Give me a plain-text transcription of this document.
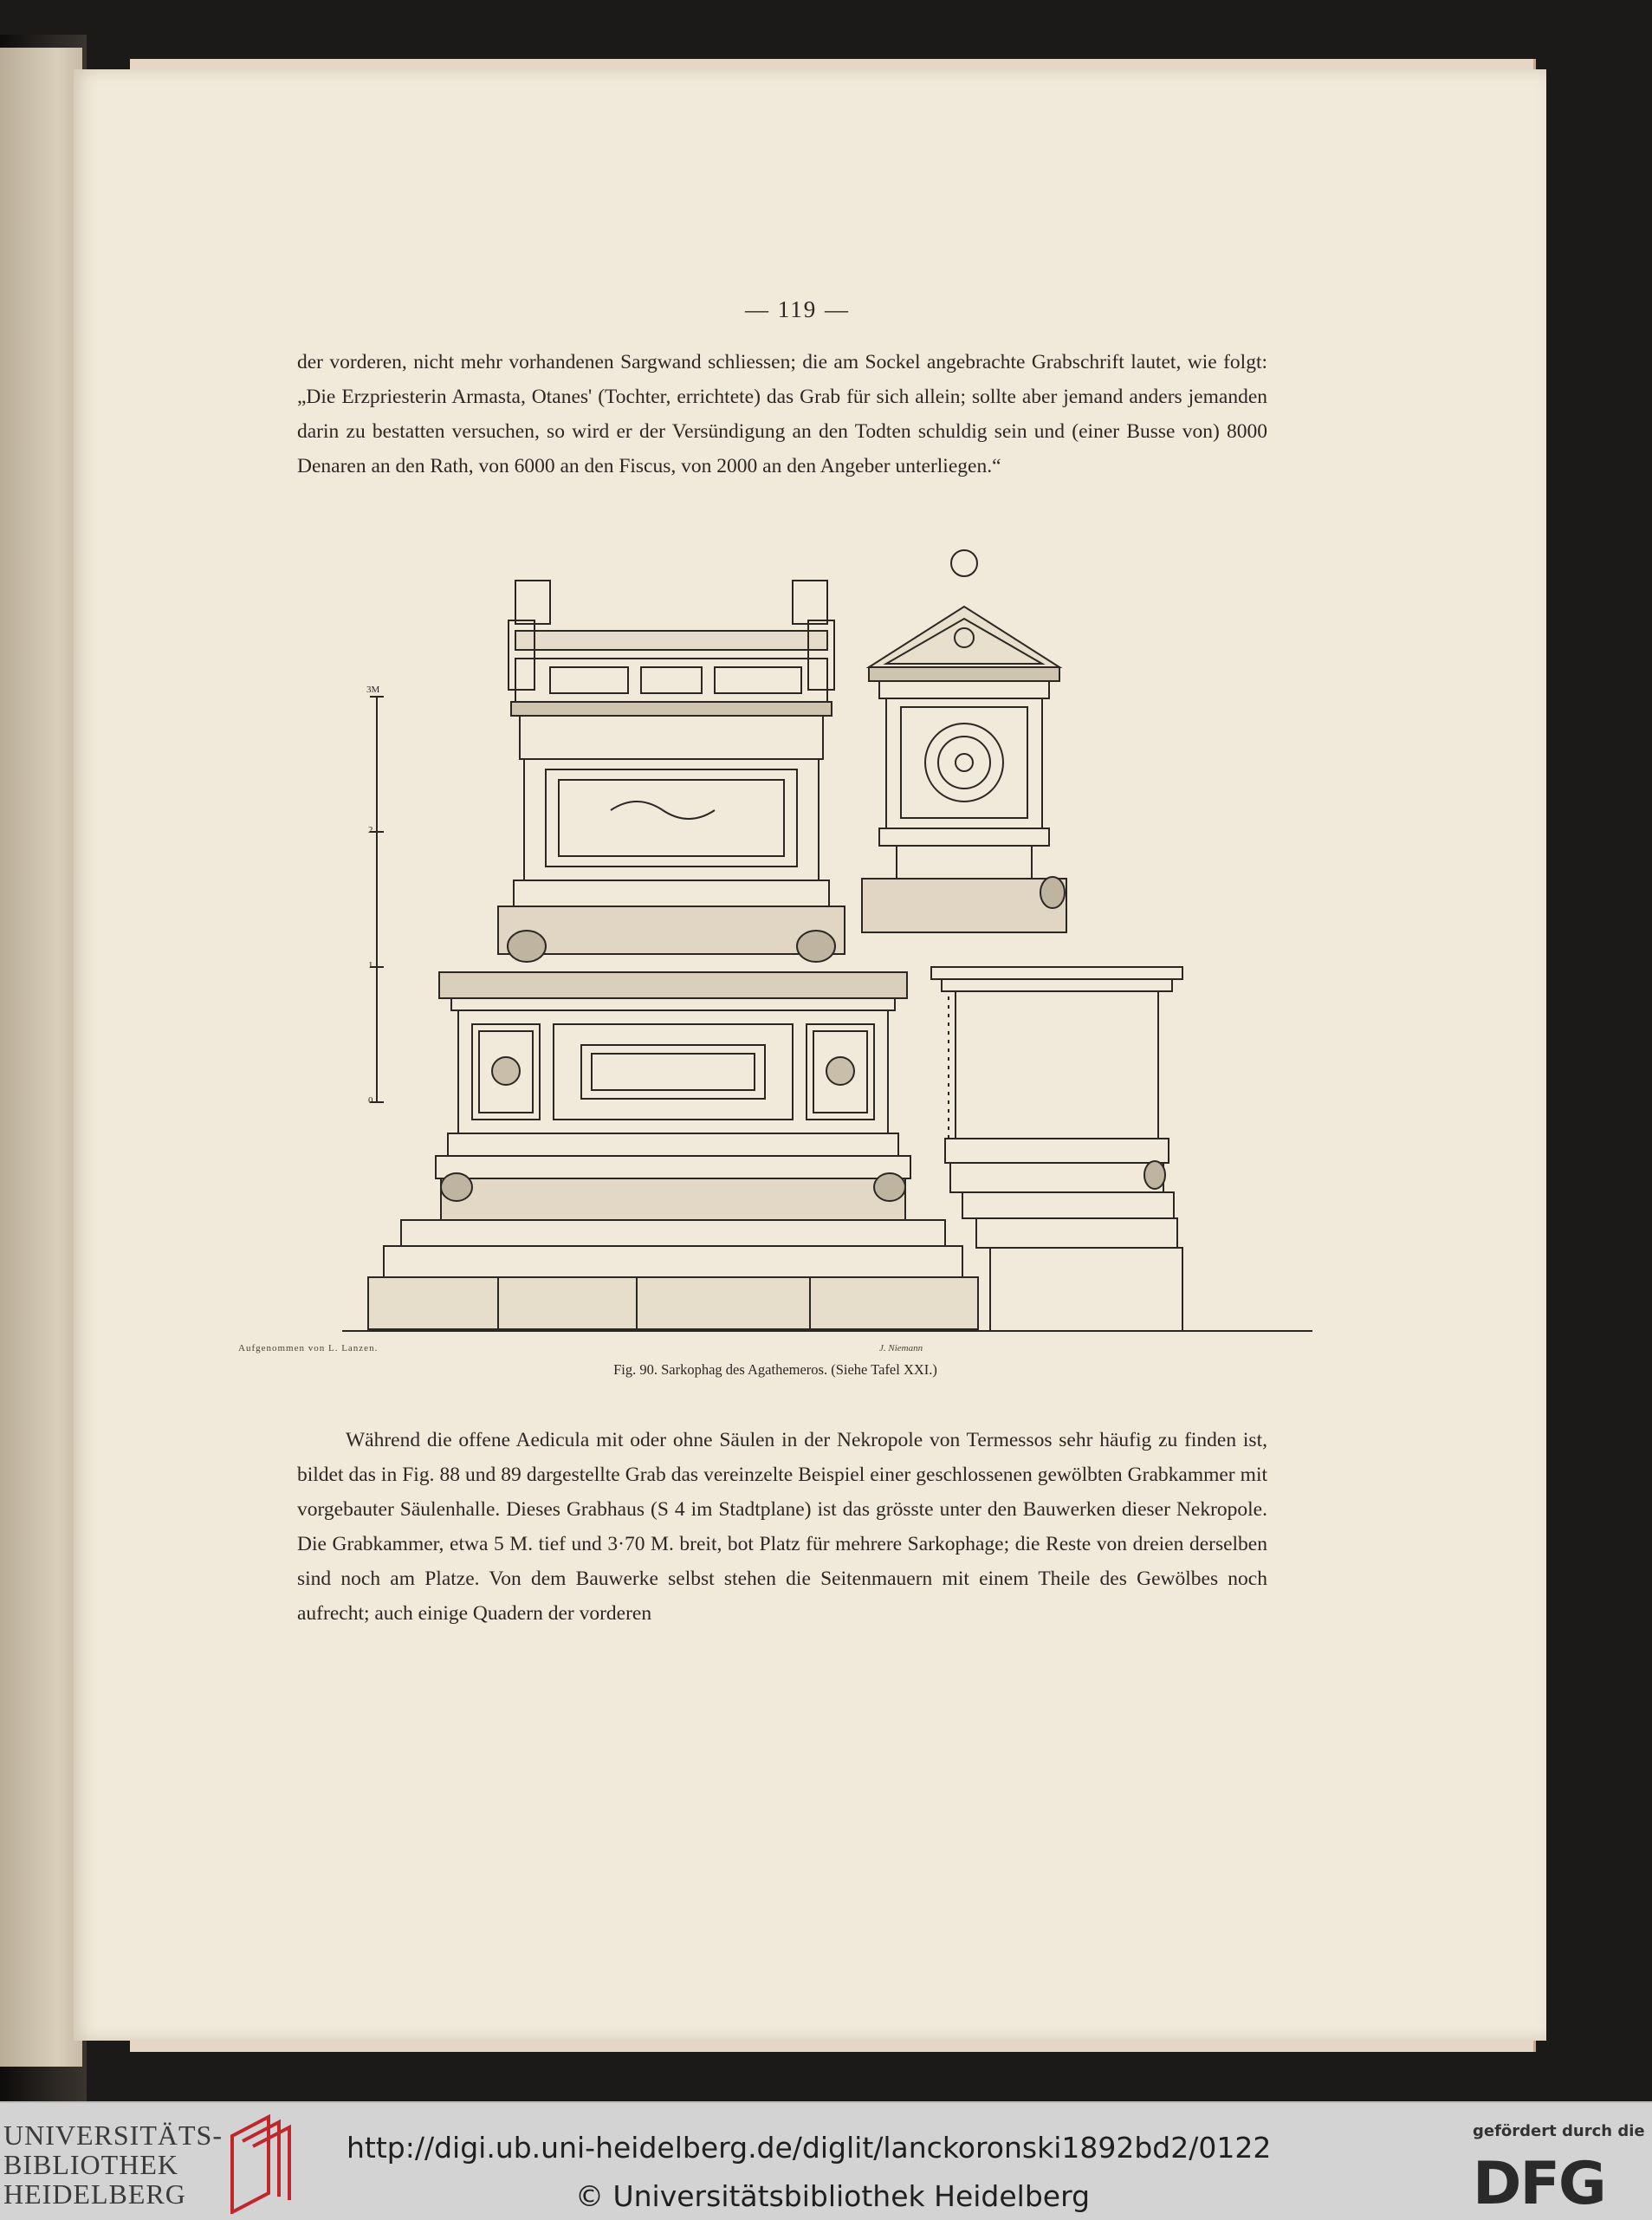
— 119 —

der vorderen, nicht mehr vorhandenen Sargwand schliessen; die am Sockel angebrachte Grabschrift lautet, wie folgt: „Die Erzpriesterin Armasta, Otanes' (Tochter, errichtete) das Grab für sich allein; sollte aber jemand anders jemanden darin zu bestatten versuchen, so wird er der Versündigung an den Todten schuldig sein und (einer Busse von) 8000 Denaren an den Rath, von 6000 an den Fiscus, von 2000 an den Angeber unterliegen.“

3M
2
1
0
Aufgenommen von L. Lanzen.	J. Niemann
Fig. 90. Sarkophag des Agathemeros. (Siehe Tafel XXI.)

Während die offene Aedicula mit oder ohne Säulen in der Nekropole von Termessos sehr häufig zu finden ist, bildet das in Fig. 88 und 89 dargestellte Grab das vereinzelte Beispiel einer geschlossenen gewölbten Grabkammer mit vorgebauter Säulenhalle. Dieses Grabhaus (S 4 im Stadtplane) ist das grösste unter den Bauwerken dieser Nekropole. Die Grabkammer, etwa 5 M. tief und 3·70 M. breit, bot Platz für mehrere Sarkophage; die Reste von dreien derselben sind noch am Platze. Von dem Bauwerke selbst stehen die Seitenmauern mit einem Theile des Gewölbes noch aufrecht; auch einige Quadern der vorderen

UNIVERSITÄTS-
BIBLIOTHEK
HEIDELBERG
http://digi.ub.uni-heidelberg.de/diglit/lanckoronski1892bd2/0122
© Universitätsbibliothek Heidelberg
gefördert durch die
DFG
